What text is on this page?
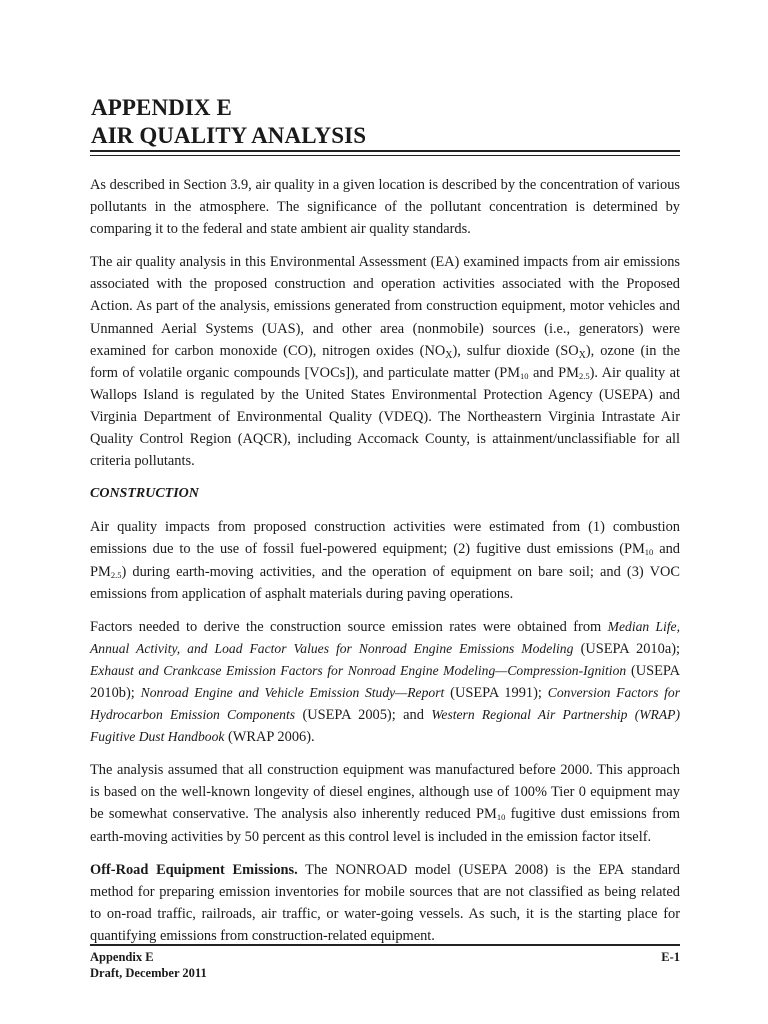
APPENDIX E
AIR QUALITY ANALYSIS

As described in Section 3.9, air quality in a given location is described by the concentration of various pollutants in the atmosphere. The significance of the pollutant concentration is determined by comparing it to the federal and state ambient air quality standards.

The air quality analysis in this Environmental Assessment (EA) examined impacts from air emissions associated with the proposed construction and operation activities associated with the Proposed Action. As part of the analysis, emissions generated from construction equipment, motor vehicles and Unmanned Aerial Systems (UAS), and other area (nonmobile) sources (i.e., generators) were examined for carbon monoxide (CO), nitrogen oxides $(NO_X)$, sulfur dioxide $(SO_X)$, ozone (in the form of volatile organic compounds [VOCs]), and particulate matter ($PM_{10}$ and $PM_{2.5}$). Air quality at Wallops Island is regulated by the United States Environmental Protection Agency (USEPA) and Virginia Department of Environmental Quality (VDEQ). The Northeastern Virginia Intrastate Air Quality Control Region (AQCR), including Accomack County, is attainment/unclassifiable for all criteria pollutants.

CONSTRUCTION

Air quality impacts from proposed construction activities were estimated from (1) combustion emissions due to the use of fossil fuel-powered equipment; (2) fugitive dust emissions ($PM_{10}$ and $PM_{2.5}$) during earth-moving activities, and the operation of equipment on bare soil; and (3) VOC emissions from application of asphalt materials during paving operations.

Factors needed to derive the construction source emission rates were obtained from Median Life, Annual Activity, and Load Factor Values for Nonroad Engine Emissions Modeling (USEPA 2010a); Exhaust and Crankcase Emission Factors for Nonroad Engine Modeling—Compression-Ignition (USEPA 2010b); Nonroad Engine and Vehicle Emission Study—Report (USEPA 1991); Conversion Factors for Hydrocarbon Emission Components (USEPA 2005); and Western Regional Air Partnership (WRAP) Fugitive Dust Handbook (WRAP 2006).

The analysis assumed that all construction equipment was manufactured before 2000. This approach is based on the well-known longevity of diesel engines, although use of 100% Tier 0 equipment may be somewhat conservative. The analysis also inherently reduced $PM_{10}$ fugitive dust emissions from earth-moving activities by 50 percent as this control level is included in the emission factor itself.

Off-Road Equipment Emissions. The NONROAD model (USEPA 2008) is the EPA standard method for preparing emission inventories for mobile sources that are not classified as being related to on-road traffic, railroads, air traffic, or water-going vessels. As such, it is the starting place for quantifying emissions from construction-related equipment.

Appendix E
Draft, December 2011
E-1
